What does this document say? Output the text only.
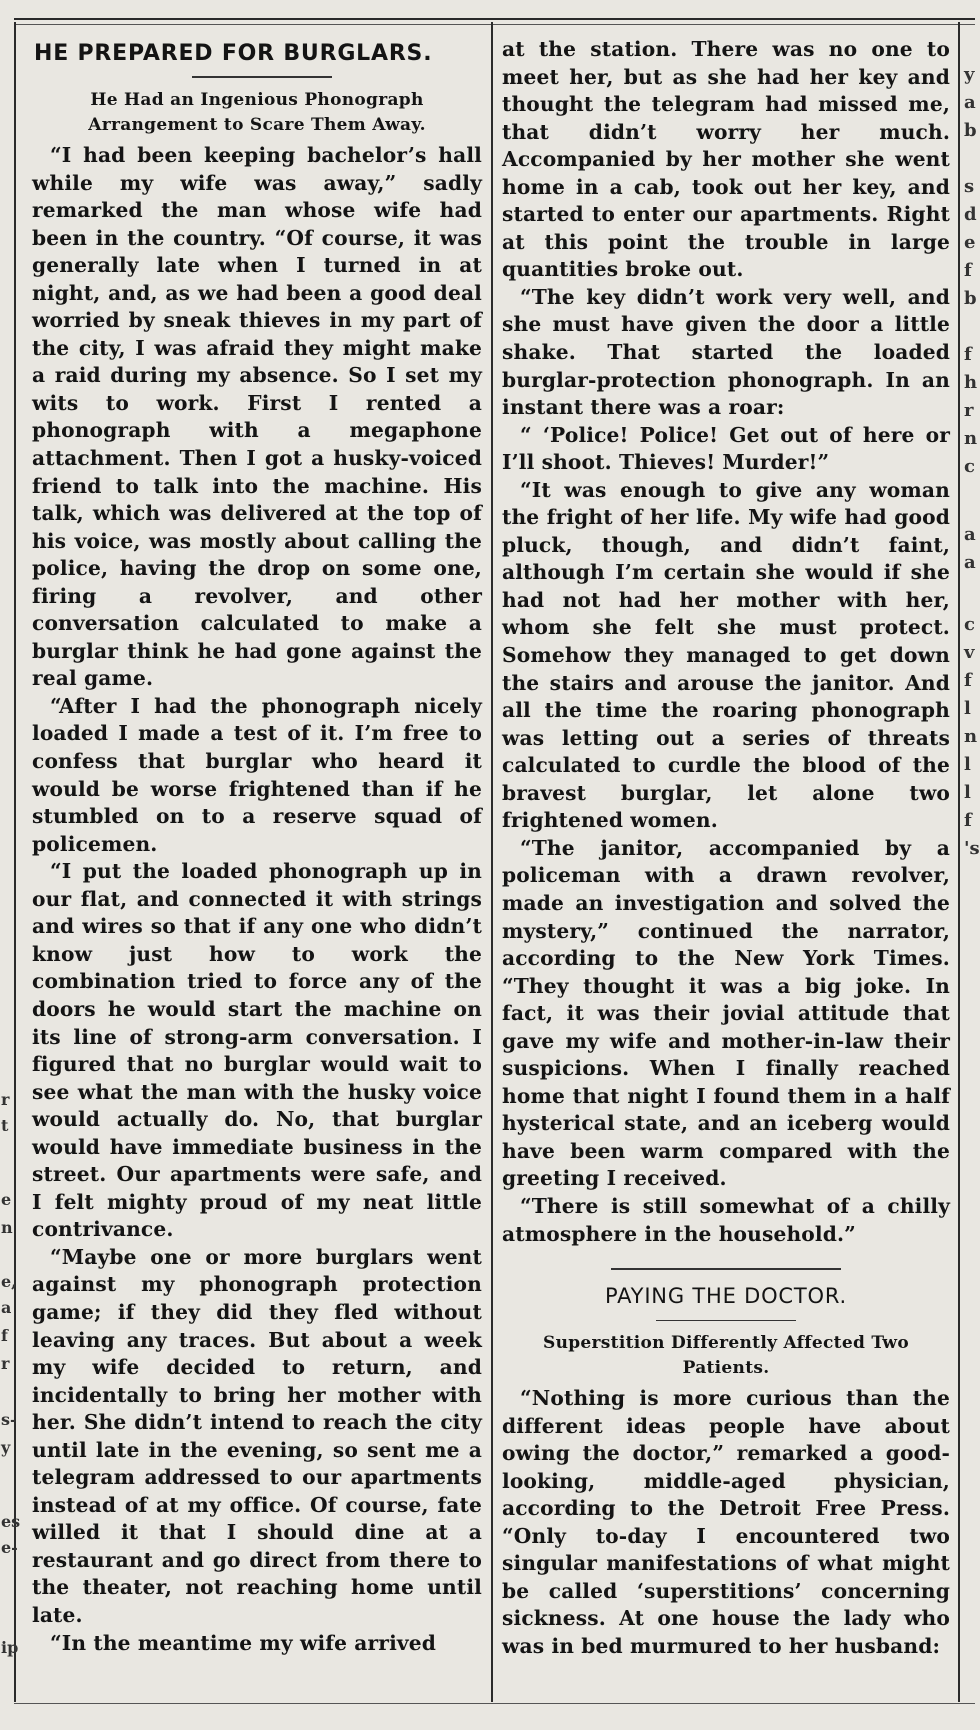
r
t
e
n
e,
a
f
r
s-
y
es
e-
ip
HE PREPARED FOR BURGLARS.
He Had an Ingenious Phonograph Arrangement to Scare Them Away.

“I had been keeping bachelor’s hall while my wife was away,” sadly remarked the man whose wife had been in the country. “Of course, it was generally late when I turned in at night, and, as we had been a good deal worried by sneak thieves in my part of the city, I was afraid they might make a raid during my absence. So I set my wits to work. First I rented a phonograph with a megaphone attachment. Then I got a husky-voiced friend to talk into the machine. His talk, which was delivered at the top of his voice, was mostly about calling the police, having the drop on some one, firing a revolver, and other conversation calculated to make a burglar think he had gone against the real game.

“After I had the phonograph nicely loaded I made a test of it. I’m free to confess that burglar who heard it would be worse frightened than if he stumbled on to a reserve squad of policemen.

“I put the loaded phonograph up in our flat, and connected it with strings and wires so that if any one who didn’t know just how to work the combination tried to force any of the doors he would start the machine on its line of strong-arm conversation. I figured that no burglar would wait to see what the man with the husky voice would actually do. No, that burglar would have immediate business in the street. Our apartments were safe, and I felt mighty proud of my neat little contrivance.

“Maybe one or more burglars went against my phonograph protection game; if they did they fled without leaving any traces. But about a week my wife decided to return, and incidentally to bring her mother with her. She didn’t intend to reach the city until late in the evening, so sent me a telegram addressed to our apartments instead of at my office. Of course, fate willed it that I should dine at a restaurant and go direct from there to the theater, not reaching home until late.

“In the meantime my wife arrived

at the station. There was no one to meet her, but as she had her key and thought the telegram had missed me, that didn’t worry her much. Accompanied by her mother she went home in a cab, took out her key, and started to enter our apartments. Right at this point the trouble in large quantities broke out.

“The key didn’t work very well, and she must have given the door a little shake. That started the loaded burglar-protection phonograph. In an instant there was a roar:

“ ‘Police! Police! Get out of here or I’ll shoot. Thieves! Murder!”

“It was enough to give any woman the fright of her life. My wife had good pluck, though, and didn’t faint, although I’m certain she would if she had not had her mother with her, whom she felt she must protect. Somehow they managed to get down the stairs and arouse the janitor. And all the time the roaring phonograph was letting out a series of threats calculated to curdle the blood of the bravest burglar, let alone two frightened women.

“The janitor, accompanied by a policeman with a drawn revolver, made an investigation and solved the mystery,” continued the narrator, according to the New York Times. “They thought it was a big joke. In fact, it was their jovial attitude that gave my wife and mother-in-law their suspicions. When I finally reached home that night I found them in a half hysterical state, and an iceberg would have been warm compared with the greeting I received.

“There is still somewhat of a chilly atmosphere in the household.”

PAYING THE DOCTOR.
Superstition Differently Affected Two Patients.

“Nothing is more curious than the different ideas people have about owing the doctor,” remarked a good-looking, middle-aged physician, according to the Detroit Free Press. “Only to-day I encountered two singular manifestations of what might be called ‘superstitions’ concerning sickness. At one house the lady who was in bed murmured to her husband:

y
a
b
s
d
e
f
b
f
h
r
n
c
a
a
c
v
f
l
n
l
l
f
's
